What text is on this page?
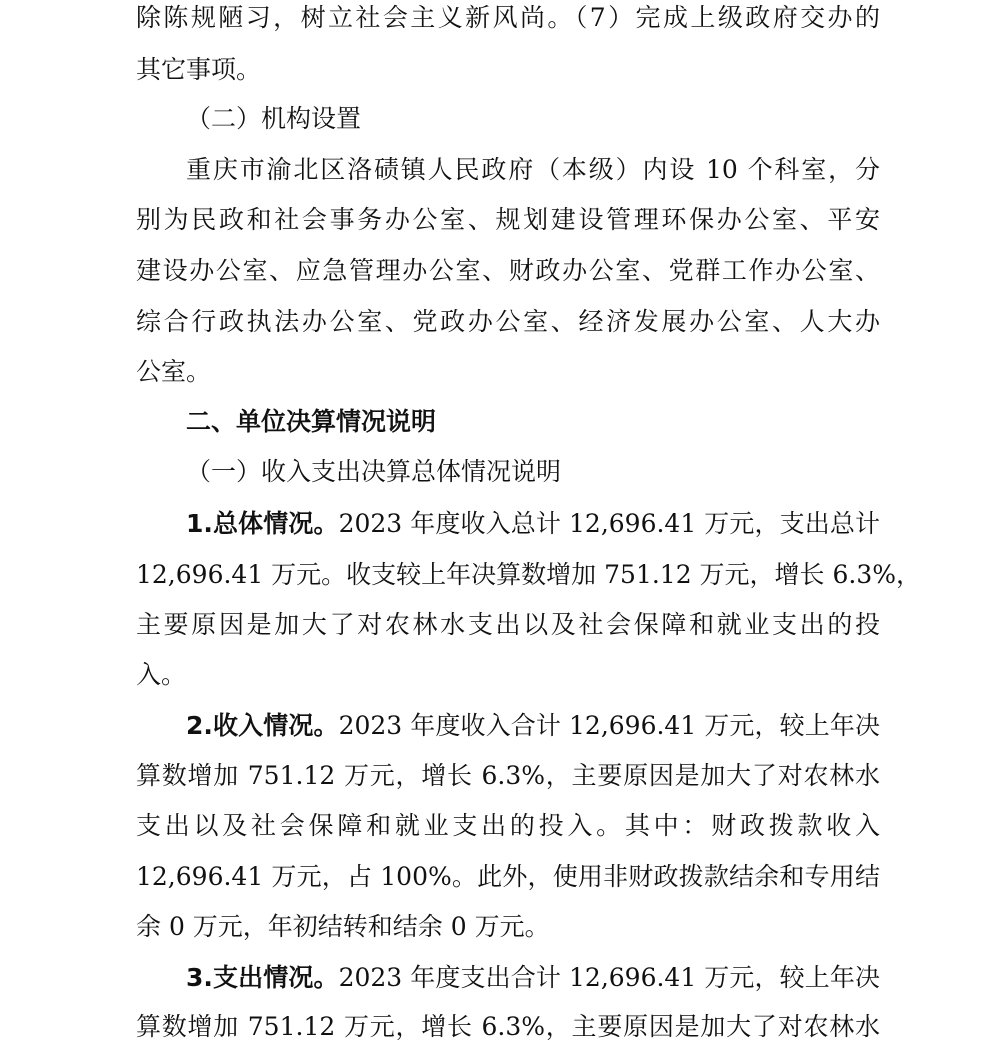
除陈规陋习，树立社会主义新风尚。（7）完成上级政府交办的
其它事项。
（二）机构设置
重庆市渝北区洛碛镇人民政府（本级）内设 10 个科室，分
别为民政和社会事务办公室、规划建设管理环保办公室、平安
建设办公室、应急管理办公室、财政办公室、党群工作办公室、
综合行政执法办公室、党政办公室、经济发展办公室、人大办
公室。
二、单位决算情况说明
（一）收入支出决算总体情况说明
1.总体情况。2023 年度收入总计 12,696.41 万元，支出总计
12,696.41 万元。收支较上年决算数增加 751.12 万元，增长 6.3%，
主要原因是加大了对农林水支出以及社会保障和就业支出的投
入。
2.收入情况。2023 年度收入合计 12,696.41 万元，较上年决
算数增加 751.12 万元，增长 6.3%，主要原因是加大了对农林水
支出以及社会保障和就业支出的投入。其中：财政拨款收入
12,696.41 万元，占 100%。此外，使用非财政拨款结余和专用结
余 0 万元，年初结转和结余 0 万元。
3.支出情况。2023 年度支出合计 12,696.41 万元，较上年决
算数增加 751.12 万元，增长 6.3%，主要原因是加大了对农林水
